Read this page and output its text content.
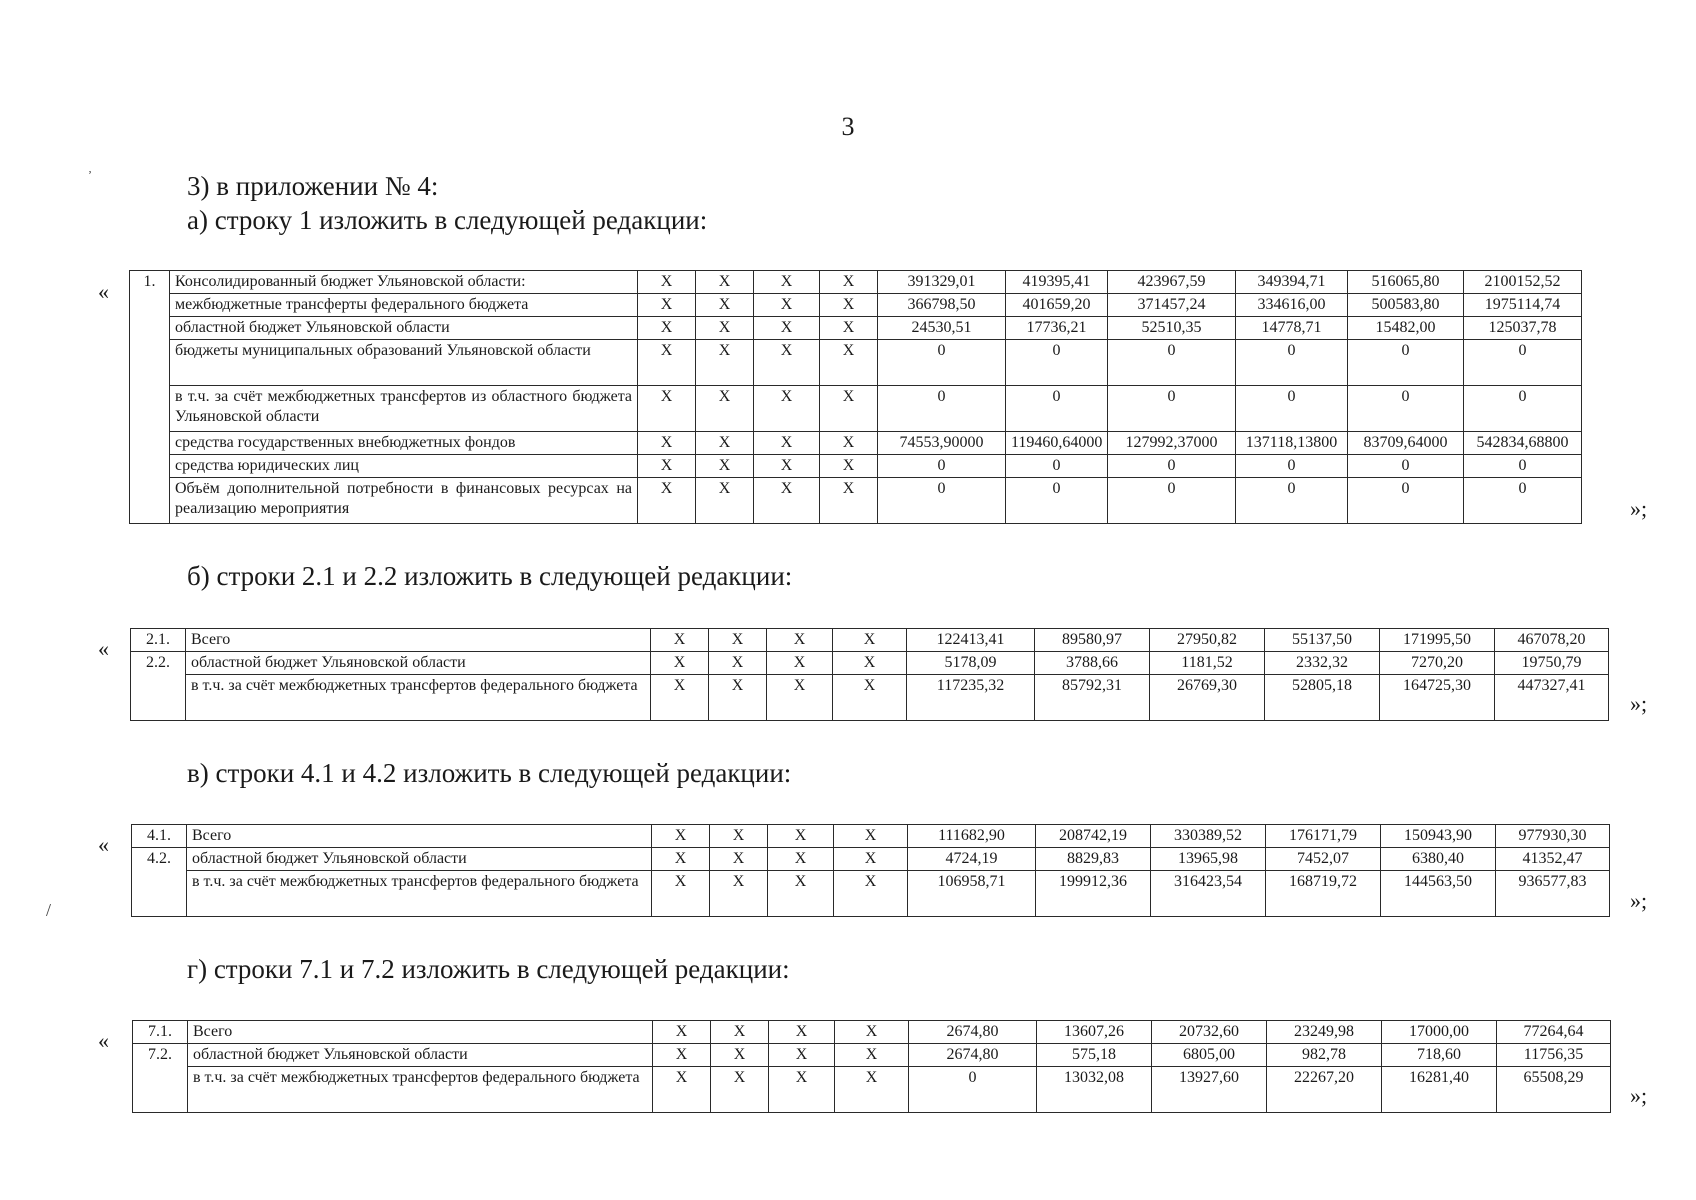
3
3) в приложении № 4:
а) строку 1 изложить в следующей редакции:
« 1.	Консолидированный бюджет Ульяновской области:	X	X	X	X	391329,01	419395,41	423967,59	349394,71	516065,80	2100152,52
	межбюджетные трансферты федерального бюджета	X	X	X	X	366798,50	401659,20	371457,24	334616,00	500583,80	1975114,74
	областной бюджет Ульяновской области	X	X	X	X	24530,51	17736,21	52510,35	14778,71	15482,00	125037,78
	бюджеты муниципальных образований Ульяновской области	X	X	X	X	0	0	0	0	0	0
	в т.ч. за счёт межбюджетных трансфертов из областного бюджета Ульяновской области	X	X	X	X	0	0	0	0	0	0
	средства государственных внебюджетных фондов	X	X	X	X	74553,90000	119460,64000	127992,37000	137118,13800	83709,64000	542834,68800
	средства юридических лиц	X	X	X	X	0	0	0	0	0	0
	Объём дополнительной потребности в финансовых ресурсах на реализацию мероприятия	X	X	X	X	0	0	0	0	0	0
»;
б) строки 2.1 и 2.2 изложить в следующей редакции:
« 2.1.	Всего	X	X	X	X	122413,41	89580,97	27950,82	55137,50	171995,50	467078,20
2.2.	областной бюджет Ульяновской области	X	X	X	X	5178,09	3788,66	1181,52	2332,32	7270,20	19750,79
	в т.ч. за счёт межбюджетных трансфертов федерального бюджета	X	X	X	X	117235,32	85792,31	26769,30	52805,18	164725,30	447327,41
»;
в) строки 4.1 и 4.2 изложить в следующей редакции:
« 4.1.	Всего	X	X	X	X	111682,90	208742,19	330389,52	176171,79	150943,90	977930,30
4.2.	областной бюджет Ульяновской области	X	X	X	X	4724,19	8829,83	13965,98	7452,07	6380,40	41352,47
	в т.ч. за счёт межбюджетных трансфертов федерального бюджета	X	X	X	X	106958,71	199912,36	316423,54	168719,72	144563,50	936577,83
»;
г) строки 7.1 и 7.2 изложить в следующей редакции:
« 7.1.	Всего	X	X	X	X	2674,80	13607,26	20732,60	23249,98	17000,00	77264,64
7.2.	областной бюджет Ульяновской области	X	X	X	X	2674,80	575,18	6805,00	982,78	718,60	11756,35
	в т.ч. за счёт межбюджетных трансфертов федерального бюджета	X	X	X	X	0	13032,08	13927,60	22267,20	16281,40	65508,29
»;
ʼ
/
